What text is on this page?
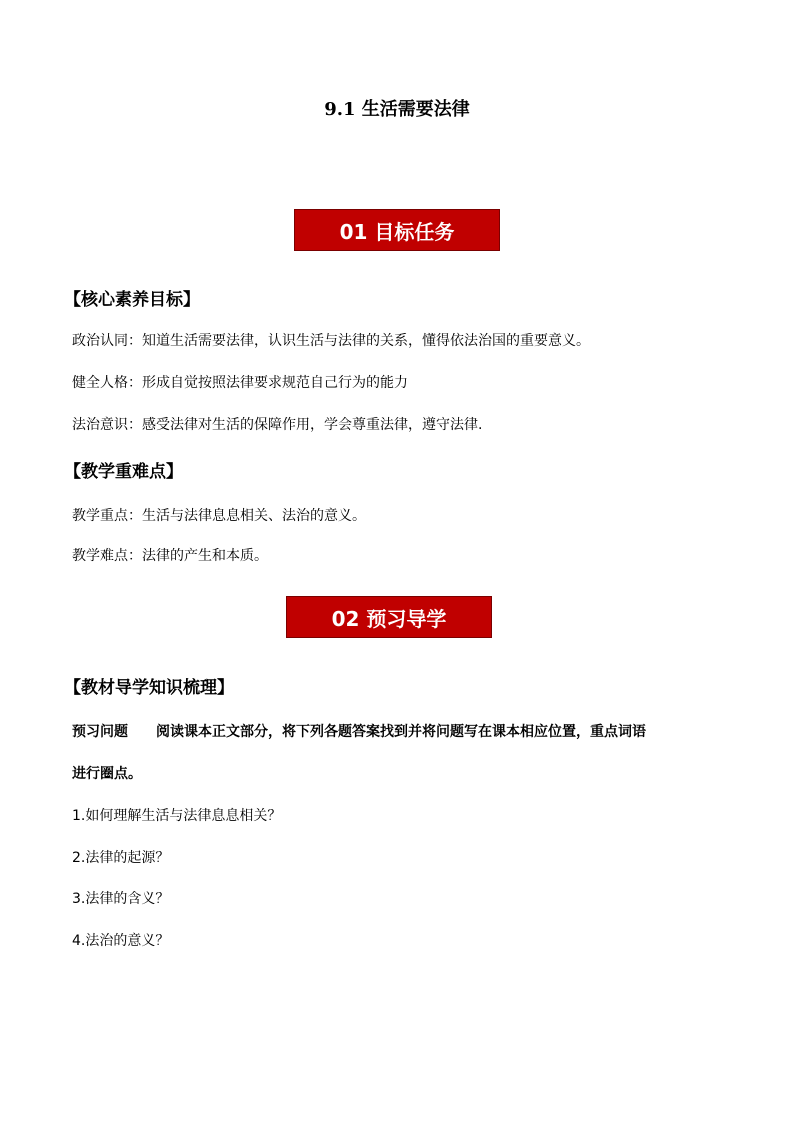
9.1 生活需要法律
01 目标任务
【核心素养目标】
政治认同：知道生活需要法律，认识生活与法律的关系，懂得依法治国的重要意义。
健全人格：形成自觉按照法律要求规范自己行为的能力
法治意识：感受法律对生活的保障作用，学会尊重法律，遵守法律.
【教学重难点】
教学重点：生活与法律息息相关、法治的意义。
教学难点：法律的产生和本质。
02 预习导学
【教材导学知识梳理】
预习问题 阅读课本正文部分，将下列各题答案找到并将问题写在课本相应位置，重点词语
进行圈点。
1.如何理解生活与法律息息相关？
2.法律的起源？
3.法律的含义？
4.法治的意义？
